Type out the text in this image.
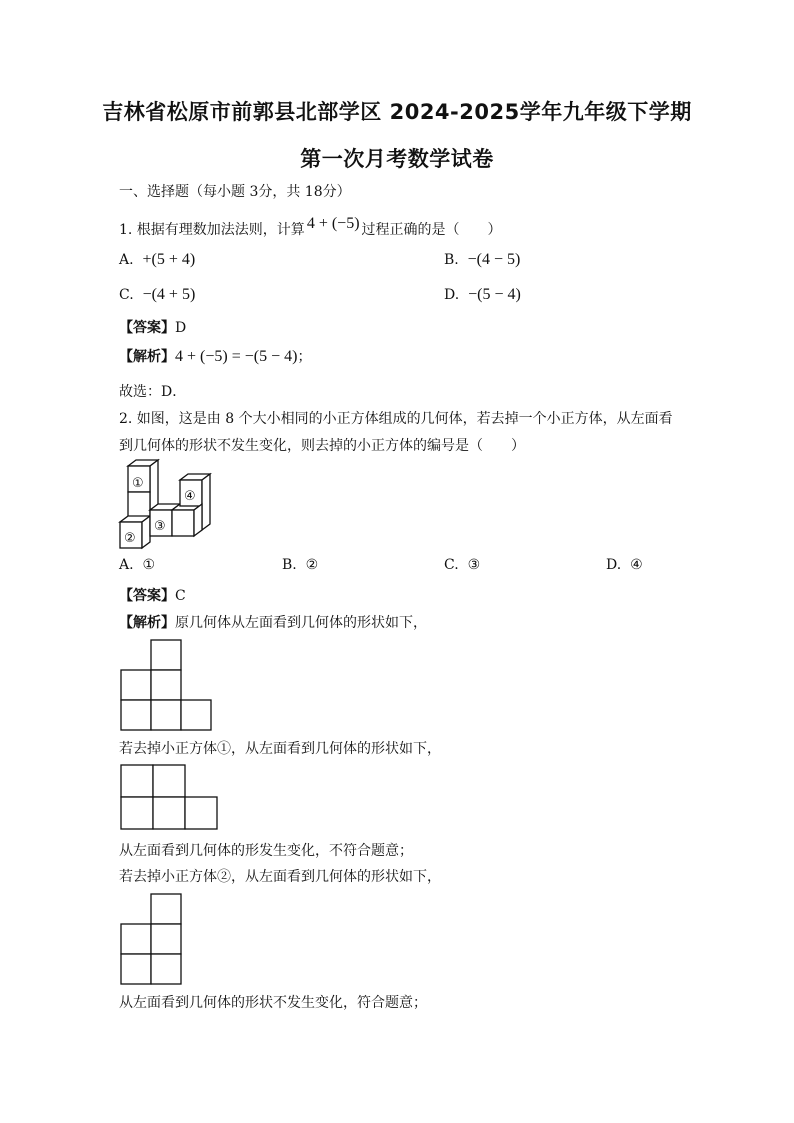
吉林省松原市前郭县北部学区 2024-2025学年九年级下学期
第一次月考数学试卷
一、选择题（每小题 3分，共 18分）
1. 根据有理数加法法则，计算 4 + (−5) 过程正确的是（　　）
A. +(5 + 4)	B. −(4 − 5)
C. −(4 + 5)	D. −(5 − 4)
【答案】D
【解析】4 + (−5) = −(5 − 4)；
故选：D．
2. 如图，这是由 8 个大小相同的小正方体组成的几何体，若去掉一个小正方体，从左面看
到几何体的形状不发生变化，则去掉的小正方体的编号是（　　）
①
②
③
④
A. ①	B. ②	C. ③	D. ④
【答案】C
【解析】原几何体从左面看到几何体的形状如下，
若去掉小正方体①，从左面看到几何体的形状如下，
从左面看到几何体的形发生变化，不符合题意；
若去掉小正方体②，从左面看到几何体的形状如下，
从左面看到几何体的形状不发生变化，符合题意；
